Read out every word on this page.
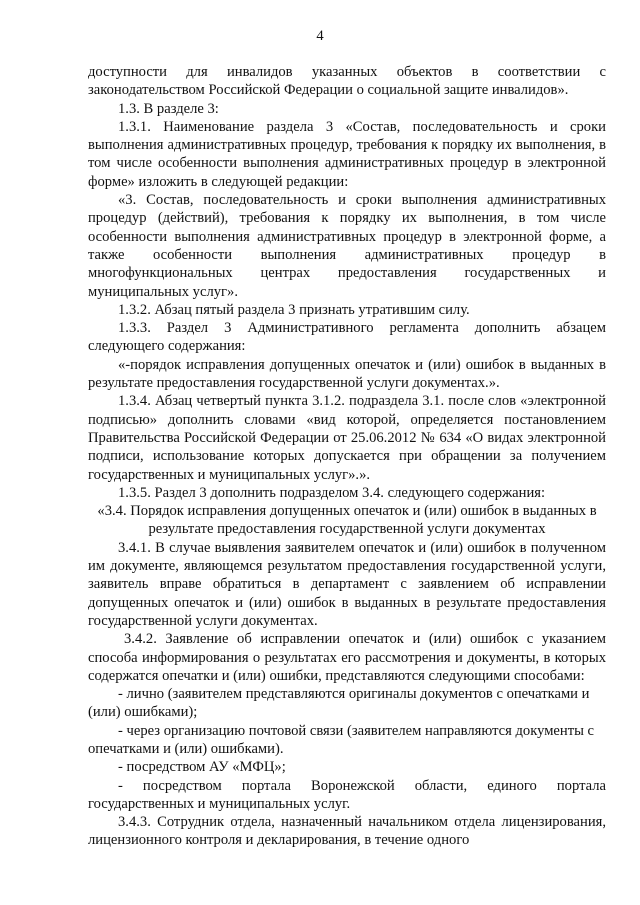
4

доступности для инвалидов указанных объектов в соответствии с законодательством Российской Федерации о социальной защите инвалидов».

1.3. В разделе 3:

1.3.1. Наименование раздела 3 «Состав, последовательность и сроки выполнения административных процедур, требования к порядку их выполнения, в том числе особенности выполнения административных процедур в электронной форме» изложить в следующей редакции:

«3. Состав, последовательность и сроки выполнения административных процедур (действий), требования к порядку их выполнения, в том числе особенности выполнения административных процедур в электронной форме, а также особенности выполнения административных процедур в многофункциональных центрах предоставления государственных и муниципальных услуг».

1.3.2. Абзац пятый раздела 3 признать утратившим силу.

1.3.3. Раздел 3 Административного регламента дополнить абзацем следующего содержания:

«-порядок исправления допущенных опечаток и (или) ошибок в выданных в результате предоставления государственной услуги документах.».

1.3.4. Абзац четвертый пункта 3.1.2. подраздела 3.1. после слов «электронной подписью» дополнить словами «вид которой, определяется постановлением Правительства Российской Федерации от 25.06.2012 № 634 «О видах электронной подписи, использование которых допускается при обращении за получением государственных и муниципальных услуг».».

1.3.5. Раздел 3 дополнить подразделом 3.4. следующего содержания:

«3.4. Порядок исправления допущенных опечаток и (или) ошибок в выданных в результате предоставления государственной услуги документах

3.4.1. В случае выявления заявителем опечаток и (или) ошибок в полученном им документе, являющемся результатом предоставления государственной услуги, заявитель вправе обратиться в департамент с заявлением об исправлении допущенных опечаток и (или) ошибок в выданных в результате предоставления государственной услуги документах.

3.4.2. Заявление об исправлении опечаток и (или) ошибок с указанием способа информирования о результатах его рассмотрения и документы, в которых содержатся опечатки и (или) ошибки, представляются следующими способами:

- лично (заявителем представляются оригиналы документов с опечатками и (или) ошибками);

- через организацию почтовой связи (заявителем направляются документы с опечатками и (или) ошибками).

- посредством АУ «МФЦ»;

- посредством портала Воронежской области, единого портала государственных и муниципальных услуг.

3.4.3. Сотрудник отдела, назначенный начальником отдела лицензирования, лицензионного контроля и декларирования, в течение одного
